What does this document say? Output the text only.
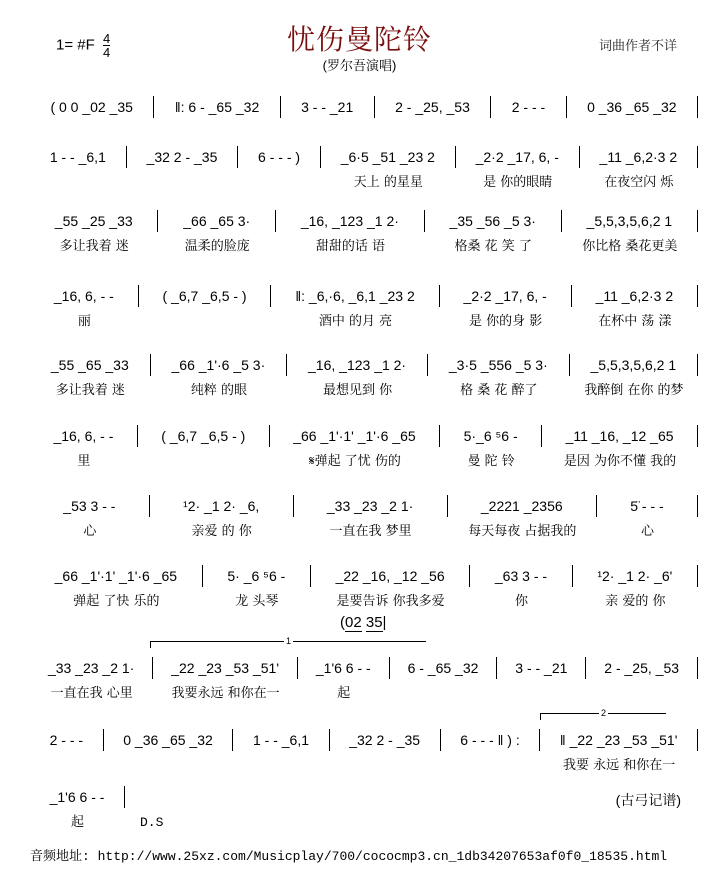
1= #F $\frac{4}{4}$	忧伤曼陀铃
(罗尔吾演唱)
词曲作者不详
( 0 0 _02 _35	‖: 6 - _65 _32	3 - - _21	2 - _25, _53	2 - - -	0 _36 _65 _32
1 - - _6,1	_32 2 - _35	6 - - - )	_6·5 _51 _23 2	_2·2 _17, 6, -	_11 _6,2·3 2
天上 的星星	是 你的眼睛	在夜空闪 烁
_55 _25 _33	_66 _65 3·	_16, _123 _1 2·	_35 _56 _5 3·	_5,5,3,5,6,2 1
多让我着 迷	温柔的脸庞	甜甜的话 语	格桑 花 笑 了	你比格 桑花更美
_16, 6, - -	( _6,7 _6,5 - )	‖: _6,·6, _6,1 _23 2	_2·2 _17, 6, -	_11 _6,2·3 2
丽	酒中 的月 亮	是 你的身 影	在杯中 荡 漾
_55 _65 _33	_66 _1'·6 _5 3·	_16, _123 _1 2·	_3·5 _556 _5 3·	_5,5,3,5,6,2 1
多让我着 迷	纯粹 的眼	最想见到 你	格 桑 花 醉了	我醉倒 在你 的梦
_16, 6, - -	( _6,7 _6,5 - )	_66 _1'·1' _1'·6 _65	5·_6 ⁵6 -	_11 _16, _12 _65
里	𝄋弹起 了忧 伤的	曼 陀 铃	是因 为你不懂 我的
_53 3 - -	¹2· _1 2· _6,	_33 _23 _2 1·	_2221 _2356	5̈ - - -
心	亲爱 的 你	一直在我 梦里	每天每夜 占据我的	心
_66 _1'·1' _1'·6 _65	5· _6 ⁵6 -	_22 _16, _12 _56	_63 3 - -	¹2· _1 2· _6'
弹起 了快 乐的	龙 头琴	是要告诉 你我多爱	你	亲 爱的 你
_33 _23 _2 1·	_22 _23 _53 _51'	_1'6 6 - -	6 - _65 _32	3 - - _21	2 - _25, _53
一直在我 心里	我要永远 和你在一	起
2 - - -	0 _36 _65 _32	1 - - _6,1	_32 2 - _35	6 - - - ‖ ) :	‖ _22 _23 _53 _51'
我要 永远 和你在一
_1'6 6 - -
起
1
2
(02 35|
D.S
(古弓记谱)
音频地址: http://www.25xz.com/Musicplay/700/cococmp3.cn_1db34207653af0f0_18535.html
